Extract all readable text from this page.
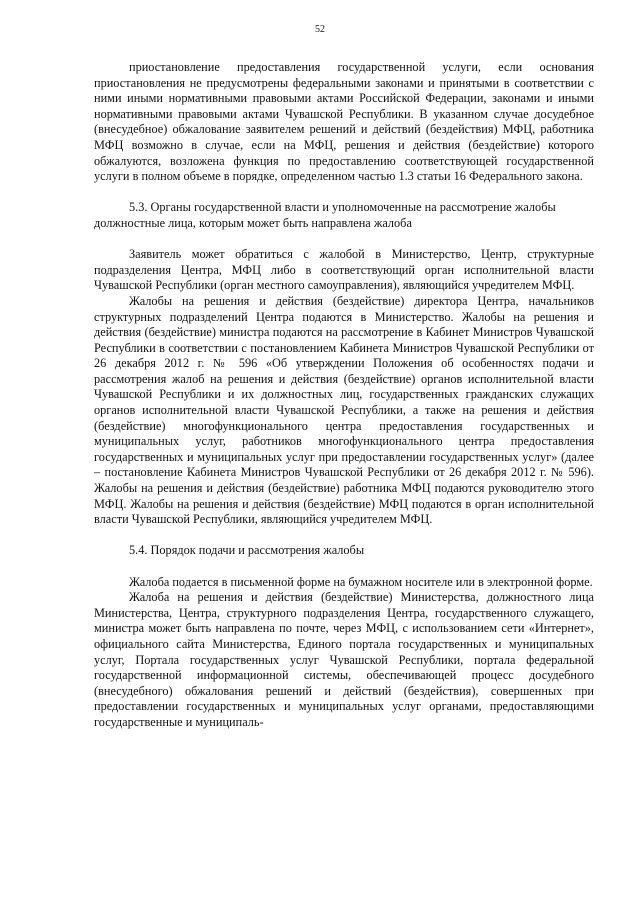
52

приостановление предоставления государственной услуги, если основания приостановления не предусмотрены федеральными законами и принятыми в соответствии с ними иными нормативными правовыми актами Российской Федерации, законами и иными нормативными правовыми актами Чувашской Республики. В указанном случае досудебное (внесудебное) обжалование заявителем решений и действий (бездействия) МФЦ, работника МФЦ возможно в случае, если на МФЦ, решения и действия (бездействие) которого обжалуются, возложена функция по предоставлению соответствующей государственной услуги в полном объеме в порядке, определенном частью 1.3 статьи 16 Федерального закона.

5.3. Органы государственной власти и уполномоченные на рассмотрение жалобы должностные лица, которым может быть направлена жалоба

Заявитель может обратиться с жалобой в Министерство, Центр, структурные подразделения Центра, МФЦ либо в соответствующий орган исполнительной власти Чувашской Республики (орган местного самоуправления), являющийся учредителем МФЦ.

Жалобы на решения и действия (бездействие) директора Центра, начальников структурных подразделений Центра подаются в Министерство. Жалобы на решения и действия (бездействие) министра подаются на рассмотрение в Кабинет Министров Чувашской Республики в соответствии с постановлением Кабинета Министров Чувашской Республики от 26 декабря 2012 г. № 596 «Об утверждении Положения об особенностях подачи и рассмотрения жалоб на решения и действия (бездействие) органов исполнительной власти Чувашской Республики и их должностных лиц, государственных гражданских служащих органов исполнительной власти Чувашской Республики, а также на решения и действия (бездействие) многофункционального центра предоставления государственных и муниципальных услуг, работников многофункционального центра предоставления государственных и муниципальных услуг при предоставлении государственных услуг» (далее – постановление Кабинета Министров Чувашской Республики от 26 декабря 2012 г. № 596). Жалобы на решения и действия (бездействие) работника МФЦ подаются руководителю этого МФЦ. Жалобы на решения и действия (бездействие) МФЦ подаются в орган исполнительной власти Чувашской Республики, являющийся учредителем МФЦ.

5.4. Порядок подачи и рассмотрения жалобы

Жалоба подается в письменной форме на бумажном носителе или в электронной форме.

Жалоба на решения и действия (бездействие) Министерства, должностного лица Министерства, Центра, структурного подразделения Центра, государственного служащего, министра может быть направлена по почте, через МФЦ, с использованием сети «Интернет», официального сайта Министерства, Единого портала государственных и муниципальных услуг, Портала государственных услуг Чувашской Республики, портала федеральной государственной информационной системы, обеспечивающей процесс досудебного (внесудебного) обжалования решений и действий (бездействия), совершенных при предоставлении государственных и муниципальных услуг органами, предоставляющими государственные и муниципаль-
